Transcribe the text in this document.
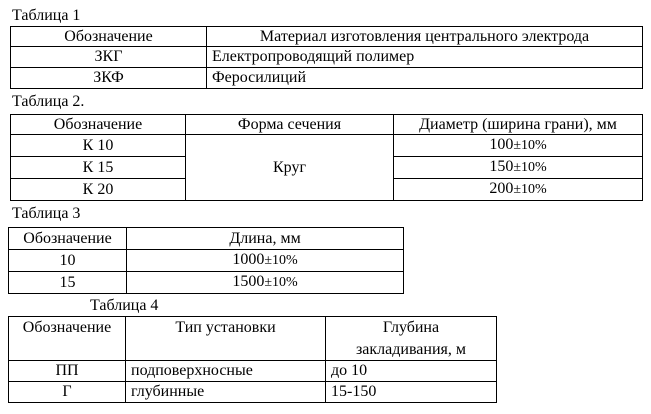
Таблица 1
Обозначение	Материал изготовления центрального электрода
ЗКГ	Електропроводящий полимер
ЗКФ	Феросилиций
Таблица 2.
Обозначение	Форма сечения	Диаметр (ширина грани), мм
К 10	Круг	100±10%
К 15		150±10%
К 20		200±10%
Таблица 3
Обозначение	Длина, мм
10	1000±10%
15	1500±10%
Таблица 4
Обозначение	Тип установки	Глубина
закладивания, м

ПП	подповерхносные	до 10
Г	глубинные	15-150
